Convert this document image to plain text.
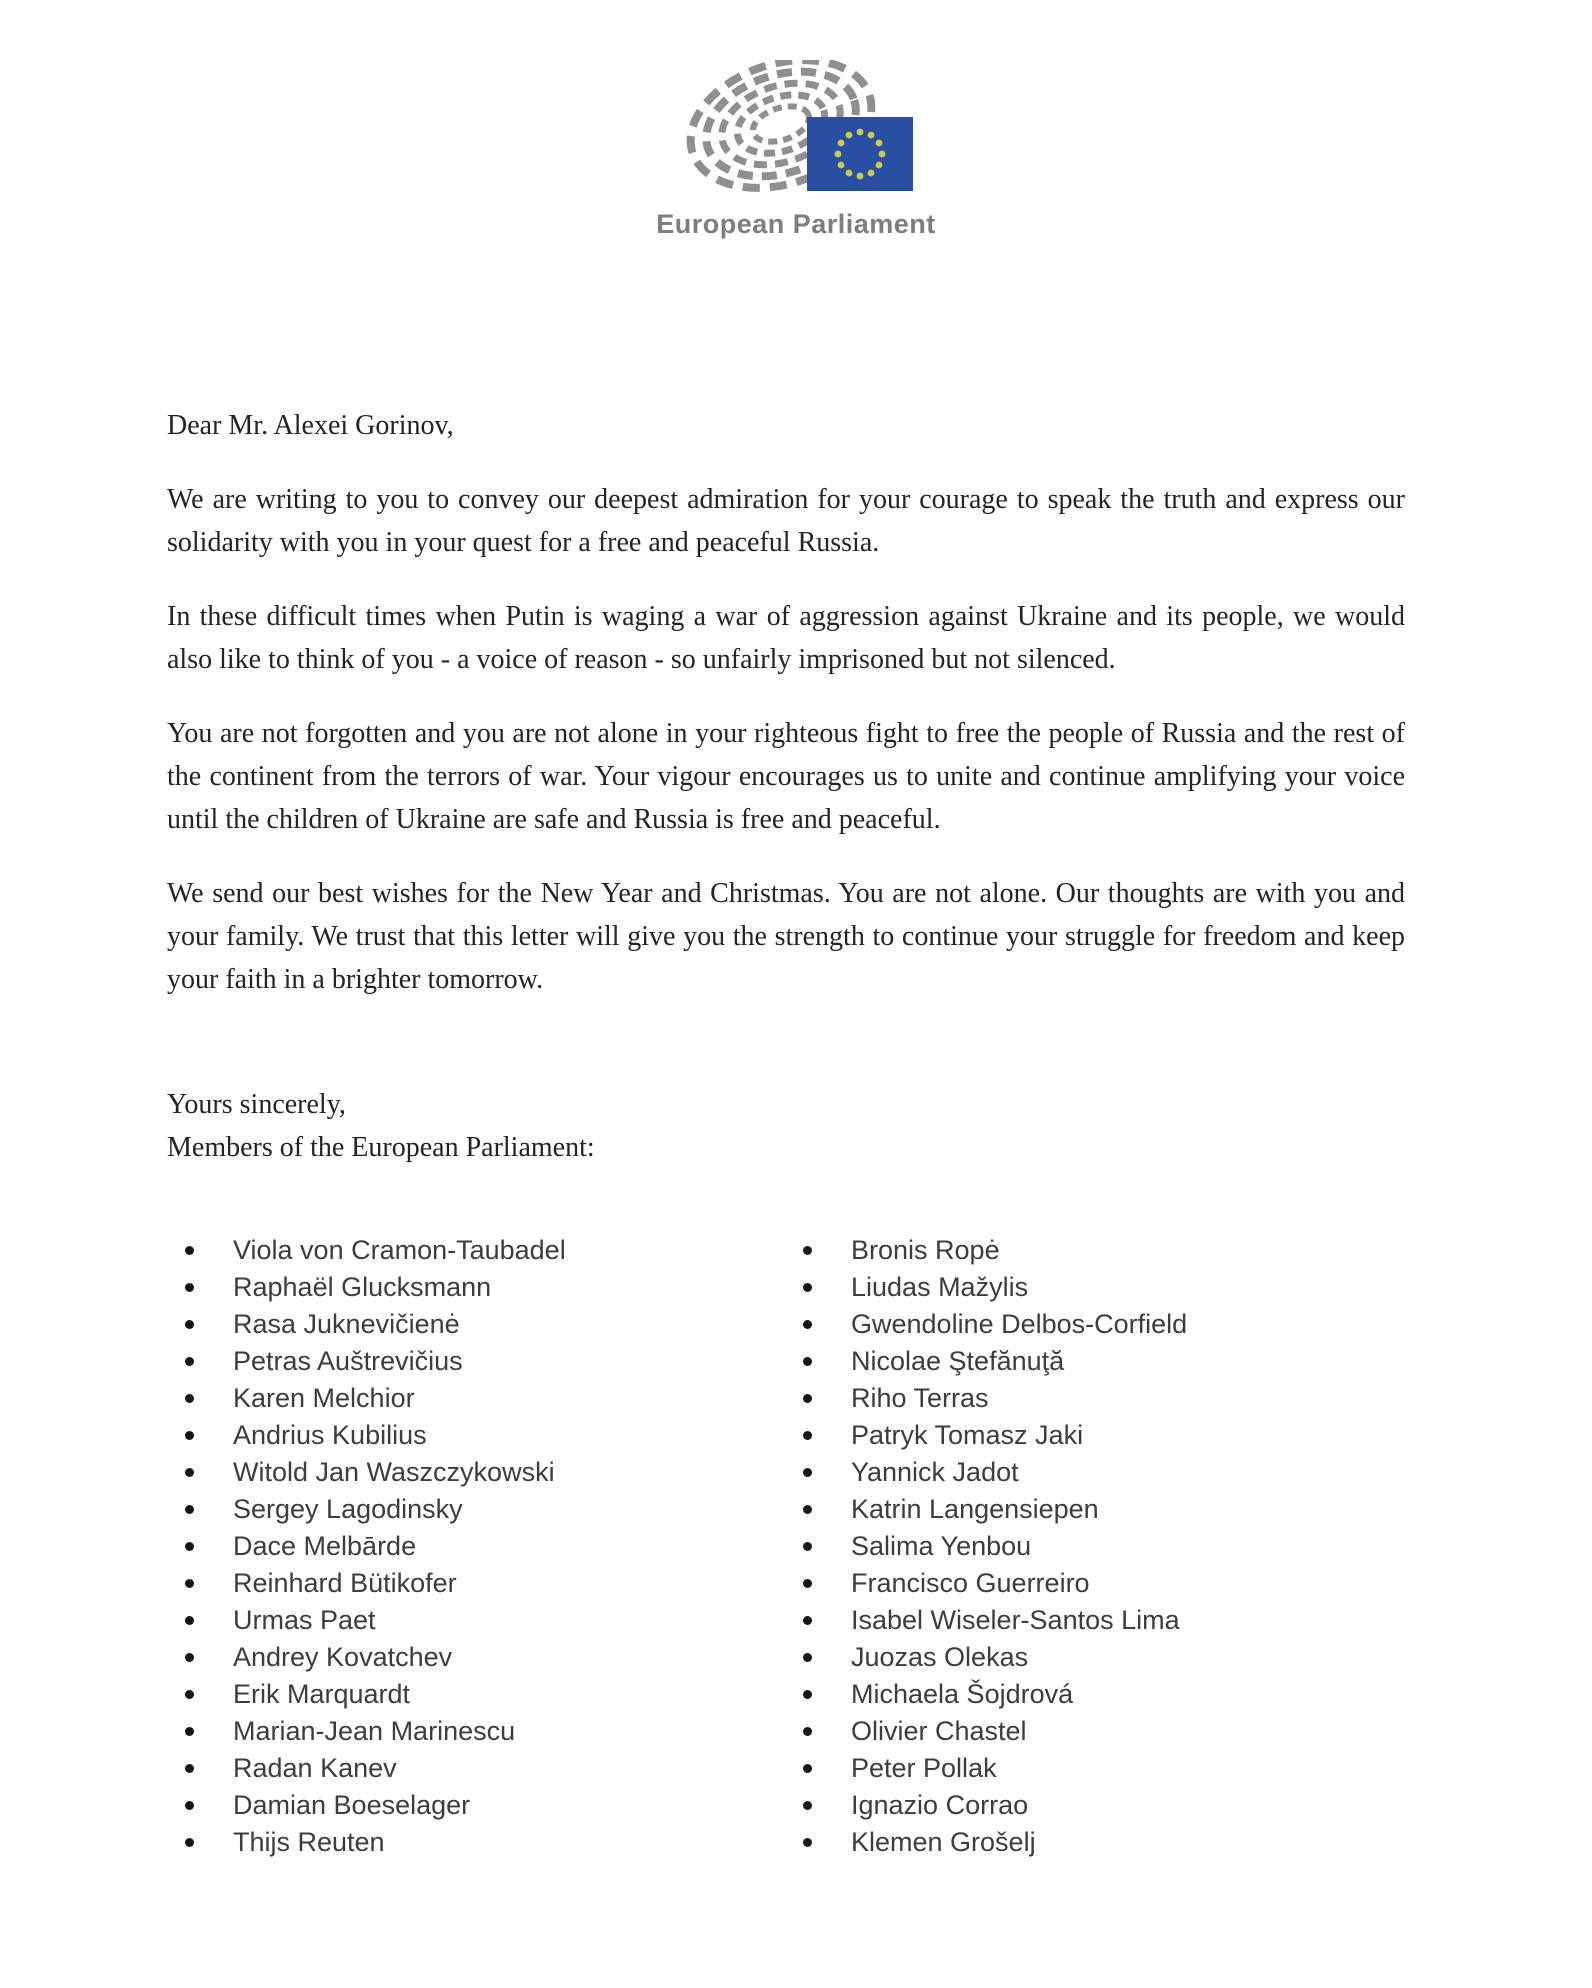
European Parliament

Dear Mr. Alexei Gorinov,

We are writing to you to convey our deepest admiration for your courage to speak the truth and express our solidarity with you in your quest for a free and peaceful Russia.

In these difficult times when Putin is waging a war of aggression against Ukraine and its people, we would also like to think of you - a voice of reason - so unfairly imprisoned but not silenced.

You are not forgotten and you are not alone in your righteous fight to free the people of Russia and the rest of the continent from the terrors of war. Your vigour encourages us to unite and continue amplifying your voice until the children of Ukraine are safe and Russia is free and peaceful.

We send our best wishes for the New Year and Christmas. You are not alone. Our thoughts are with you and your family. We trust that this letter will give you the strength to continue your struggle for freedom and keep your faith in a brighter tomorrow.

Yours sincerely,

Members of the European Parliament:

Viola von Cramon-Taubadel
Raphaël Glucksmann
Rasa Juknevičienė
Petras Auštrevičius
Karen Melchior
Andrius Kubilius
Witold Jan Waszczykowski
Sergey Lagodinsky
Dace Melbārde
Reinhard Bütikofer
Urmas Paet
Andrey Kovatchev
Erik Marquardt
Marian-Jean Marinescu
Radan Kanev
Damian Boeselager
Thijs Reuten
Bronis Ropė
Liudas Mažylis
Gwendoline Delbos-Corfield
Nicolae Ştefănuţă
Riho Terras
Patryk Tomasz Jaki
Yannick Jadot
Katrin Langensiepen
Salima Yenbou
Francisco Guerreiro
Isabel Wiseler-Santos Lima
Juozas Olekas
Michaela Šojdrová
Olivier Chastel
Peter Pollak
Ignazio Corrao
Klemen Grošelj
